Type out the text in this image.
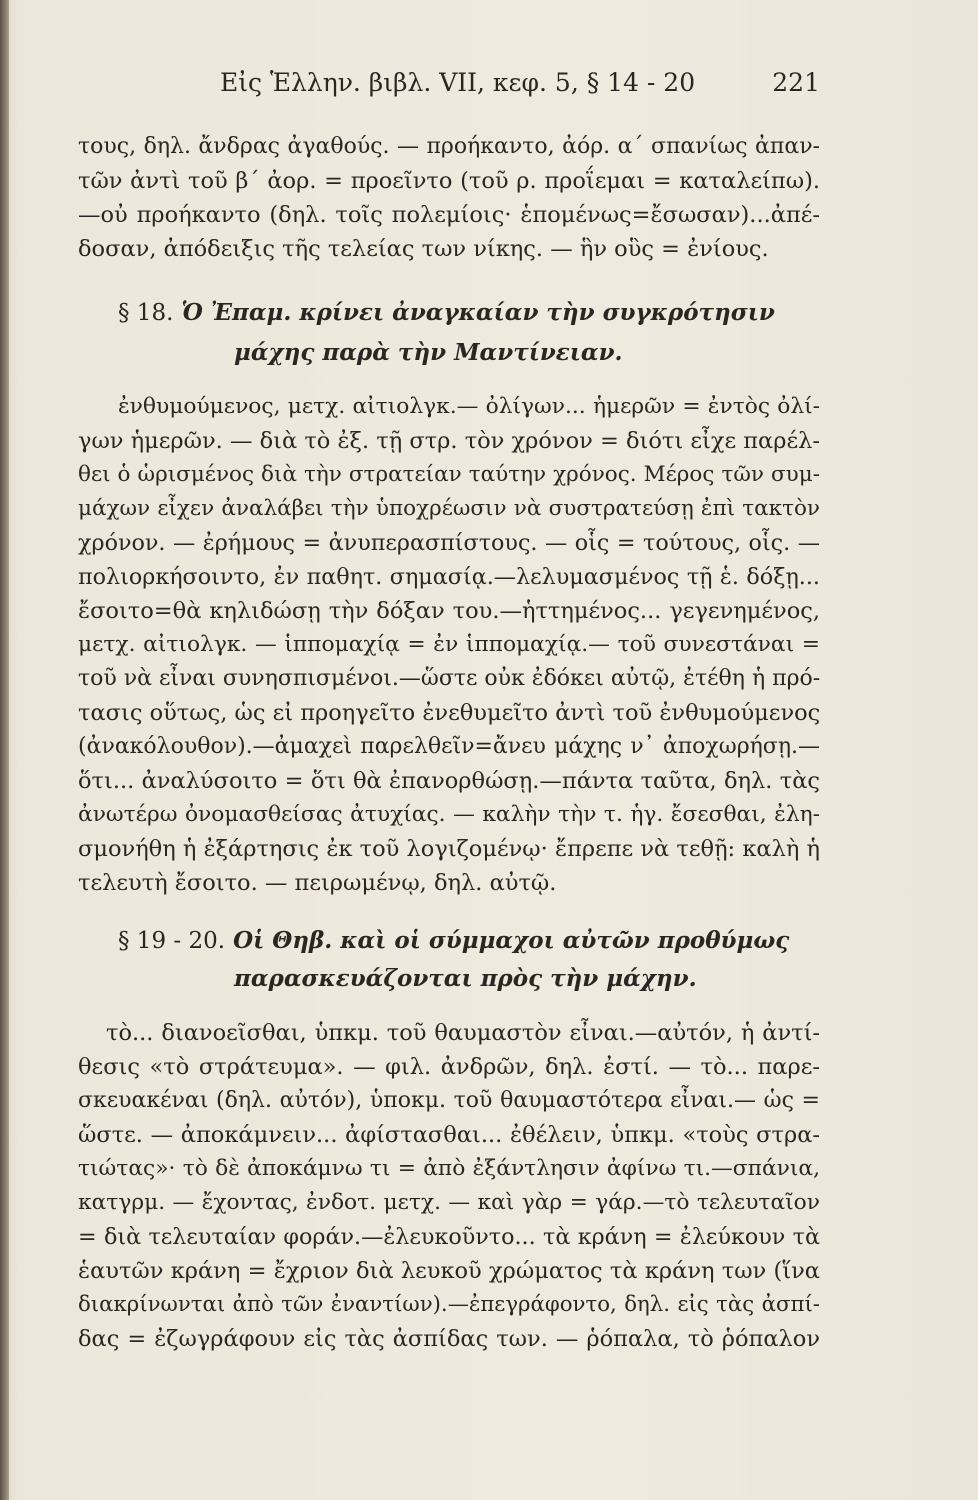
Εἰς Ἑλλην. βιβλ. VII, κεφ. 5, § 14 - 20	221
τους, δηλ. ἄνδρας ἀγαθούς. — προήκαντο, ἀόρ. α΄ σπανίως ἀπαν-
τῶν ἀντὶ τοῦ β΄ ἀορ. = προεῖντο (τοῦ ρ. προΐεμαι = καταλείπω).
—οὐ προήκαντο (δηλ. τοῖς πολεμίοις· ἑπομένως=ἔσωσαν)...ἀπέ-
δοσαν, ἀπόδειξις τῆς τελείας των νίκης. — ἣν οὓς = ἐνίους.
§ 18. Ὁ Ἐπαμ. κρίνει ἀναγκαίαν τὴν συγκρότησιν
μάχης παρὰ τὴν Μαντίνειαν.
ἐνθυμούμενος, μετχ. αἰτιολγκ.— ὀλίγων... ἡμερῶν = ἐντὸς ὀλί-
γων ἡμερῶν. — διὰ τὸ ἐξ. τῇ στρ. τὸν χρόνον = διότι εἶχε παρέλ-
θει ὁ ὡρισμένος διὰ τὴν στρατείαν ταύτην χρόνος. Μέρος τῶν συμ-
μάχων εἶχεν ἀναλάβει τὴν ὑποχρέωσιν νὰ συστρατεύσῃ ἐπὶ τακτὸν
χρόνον. — ἐρήμους = ἀνυπερασπίστους. — οἷς = τούτους, οἷς. —
πολιορκήσοιντο, ἐν παθητ. σημασίᾳ.—λελυμασμένος τῇ ἑ. δόξῃ...
ἔσοιτο=θὰ κηλιδώσῃ τὴν δόξαν του.—ἡττημένος... γεγενημένος,
μετχ. αἰτιολγκ. — ἱππομαχίᾳ = ἐν ἱππομαχίᾳ.— τοῦ συνεστάναι =
τοῦ νὰ εἶναι συνησπισμένοι.—ὥστε οὐκ ἐδόκει αὐτῷ, ἐτέθη ἡ πρό-
τασις οὕτως, ὡς εἰ προηγεῖτο ἐνεθυμεῖτο ἀντὶ τοῦ ἐνθυμούμενος
(ἀνακόλουθον).—ἀμαχεὶ παρελθεῖν=ἄνευ μάχης ν᾽ ἀποχωρήσῃ.—
ὅτι... ἀναλύσοιτο = ὅτι θὰ ἐπανορθώσῃ.—πάντα ταῦτα, δηλ. τὰς
ἀνωτέρω ὀνομασθείσας ἀτυχίας. — καλὴν τὴν τ. ἡγ. ἔσεσθαι, ἐλη-
σμονήθη ἡ ἐξάρτησις ἐκ τοῦ λογιζομένῳ· ἔπρεπε νὰ τεθῇ: καλὴ ἡ
τελευτὴ ἔσοιτο. — πειρωμένῳ, δηλ. αὐτῷ.
§ 19 - 20. Οἱ Θηβ. καὶ οἱ σύμμαχοι αὐτῶν προθύμως
παρασκευάζονται πρὸς τὴν μάχην.
τὸ... διανοεῖσθαι, ὑπκμ. τοῦ θαυμαστὸν εἶναι.—αὐτόν, ἡ ἀντί-
θεσις «τὸ στράτευμα». — φιλ. ἀνδρῶν, δηλ. ἐστί. — τὸ... παρε-
σκευακέναι (δηλ. αὐτόν), ὑποκμ. τοῦ θαυμαστότερα εἶναι.— ὡς =
ὥστε. — ἀποκάμνειν... ἀφίστασθαι... ἐθέλειν, ὑπκμ. «τοὺς στρα-
τιώτας»· τὸ δὲ ἀποκάμνω τι = ἀπὸ ἐξάντλησιν ἀφίνω τι.—σπάνια,
κατγρμ. — ἔχοντας, ἐνδοτ. μετχ. — καὶ γὰρ = γάρ.—τὸ τελευταῖον
= διὰ τελευταίαν φοράν.—ἐλευκοῦντο... τὰ κράνη = ἐλεύκουν τὰ
ἑαυτῶν κράνη = ἔχριον διὰ λευκοῦ χρώματος τὰ κράνη των (ἵνα
διακρίνωνται ἀπὸ τῶν ἐναντίων).—ἐπεγράφοντο, δηλ. εἰς τὰς ἀσπί-
δας = ἐζωγράφουν εἰς τὰς ἀσπίδας των. — ῥόπαλα, τὸ ῥόπαλον
